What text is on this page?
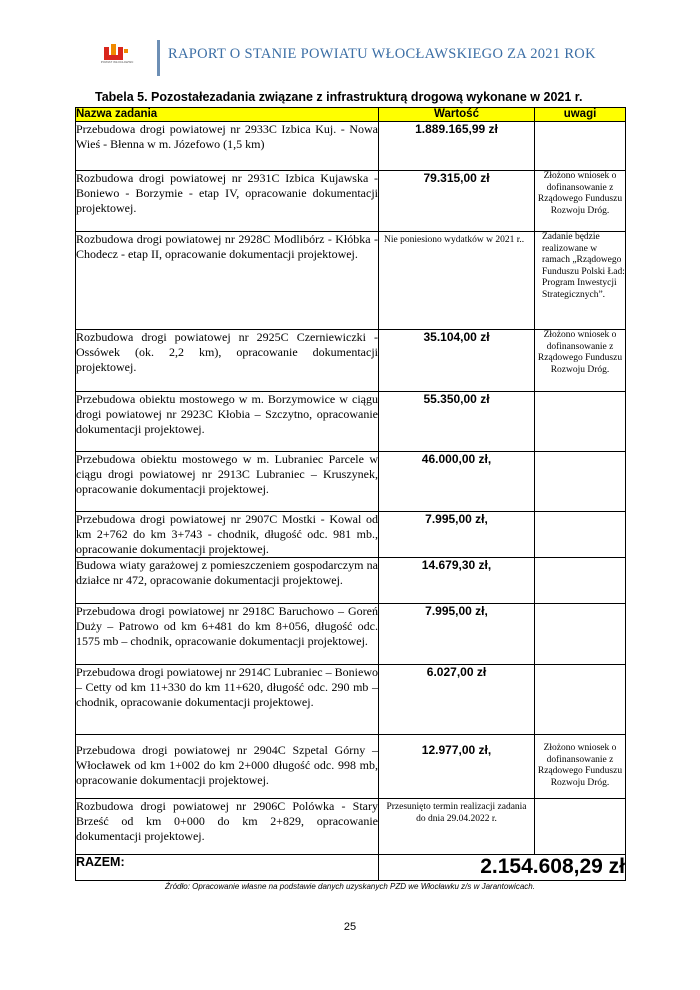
POWIAT WŁOCŁAWSKI RAPORT O STANIE POWIATU WŁOCŁAWSKIEGO ZA 2021 ROK
Tabela 5. Pozostałezadania związane z infrastrukturą drogową wykonane w 2021 r.
Nazwa zadania	Wartość	uwagi
Przebudowa drogi powiatowej nr 2933C Izbica Kuj. - Nowa Wieś - Błenna w m. Józefowo (1,5 km)	1.889.165,99 zł	
Rozbudowa drogi powiatowej nr 2931C Izbica Kujawska - Boniewo - Borzymie - etap IV, opracowanie dokumentacji projektowej.	79.315,00 zł	Złożono wniosek o dofinansowanie z Rządowego Funduszu Rozwoju Dróg.
Rozbudowa drogi powiatowej nr 2928C Modlibórz - Kłóbka - Chodecz - etap II, opracowanie dokumentacji projektowej.	Nie poniesiono wydatków w 2021 r..	Zadanie będzie realizowane w ramach „Rządowego Funduszu Polski Ład: Program Inwestycji Strategicznych”.
Rozbudowa drogi powiatowej nr 2925C Czerniewiczki - Ossówek (ok. 2,2 km), opracowanie dokumentacji projektowej.	35.104,00 zł	Złożono wniosek o dofinansowanie z Rządowego Funduszu Rozwoju Dróg.
Przebudowa obiektu mostowego w m. Borzymowice w ciągu drogi powiatowej nr 2923C Kłobia – Szczytno, opracowanie dokumentacji projektowej.	55.350,00 zł	
Przebudowa obiektu mostowego w m. Lubraniec Parcele w ciągu drogi powiatowej nr 2913C Lubraniec – Kruszynek, opracowanie dokumentacji projektowej.	46.000,00 zł,	
Przebudowa drogi powiatowej nr 2907C Mostki - Kowal od km 2+762 do km 3+743 - chodnik, długość odc. 981 mb., opracowanie dokumentacji projektowej.	7.995,00 zł,	
Budowa wiaty garażowej z pomieszczeniem gospodarczym na działce nr 472, opracowanie dokumentacji projektowej.	14.679,30 zł,	
Przebudowa drogi powiatowej nr 2918C Baruchowo – Goreń Duży – Patrowo od km 6+481 do km 8+056, długość odc. 1575 mb – chodnik, opracowanie dokumentacji projektowej.	7.995,00 zł,	
Przebudowa drogi powiatowej nr 2914C Lubraniec – Boniewo – Cetty od km 11+330 do km 11+620, długość odc. 290 mb – chodnik, opracowanie dokumentacji projektowej.	6.027,00 zł	
Przebudowa drogi powiatowej nr 2904C Szpetal Górny – Włocławek od km 1+002 do km 2+000 długość odc. 998 mb, opracowanie dokumentacji projektowej.	12.977,00 zł,	Złożono wniosek o dofinansowanie z Rządowego Funduszu Rozwoju Dróg.
Rozbudowa drogi powiatowej nr 2906C Polówka - Stary Brześć od km 0+000 do km 2+829, opracowanie dokumentacji projektowej.	Przesunięto termin realizacji zadania do dnia 29.04.2022 r.	
RAZEM:	2.154.608,29 zł	
Źródło: Opracowanie własne na podstawie danych uzyskanych PZD we Włocławku z/s w Jarantowicach.
25
